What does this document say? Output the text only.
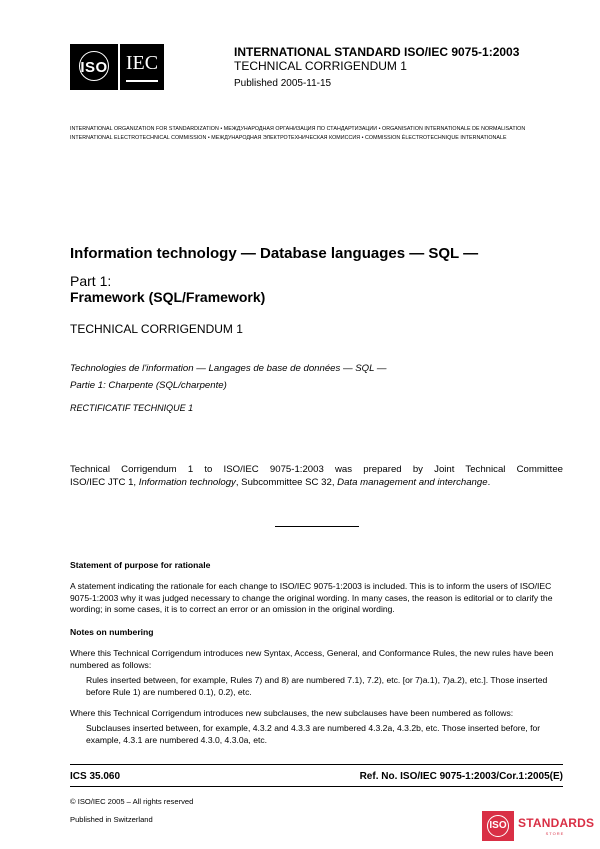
ISO IEC	INTERNATIONAL STANDARD ISO/IEC 9075-1:2003
TECHNICAL CORRIGENDUM 1
Published 2005-11-15
INTERNATIONAL ORGANIZATION FOR STANDARDIZATION • МЕЖДУНАРОДНАЯ ОРГАНИЗАЦИЯ ПО СТАНДАРТИЗАЦИИ • ORGANISATION INTERNATIONALE DE NORMALISATION
INTERNATIONAL ELECTROTECHNICAL COMMISSION • МЕЖДУНАРОДНАЯ ЭЛЕКТРОТЕХНИЧЕСКАЯ КОМИССИЯ • COMMISSION ÉLECTROTECHNIQUE INTERNATIONALE
Information technology — Database languages — SQL —
Part 1:
Framework (SQL/Framework)
TECHNICAL CORRIGENDUM 1
Technologies de l'information — Langages de base de données — SQL —
Partie 1: Charpente (SQL/charpente)
RECTIFICATIF TECHNIQUE 1
Technical Corrigendum 1 to ISO/IEC 9075-1:2003 was prepared by Joint Technical Committee
ISO/IEC JTC 1, Information technology, Subcommittee SC 32, Data management and interchange.
Statement of purpose for rationale
A statement indicating the rationale for each change to ISO/IEC 9075-1:2003 is included. This is to inform the users of ISO/IEC 9075-1:2003 why it was judged necessary to change the original wording. In many cases, the reason is editorial or to clarify the wording; in some cases, it is to correct an error or an omission in the original wording.
Notes on numbering
Where this Technical Corrigendum introduces new Syntax, Access, General, and Conformance Rules, the new rules have been numbered as follows:
Rules inserted between, for example, Rules 7) and 8) are numbered 7.1), 7.2), etc. [or 7)a.1), 7)a.2), etc.]. Those inserted before Rule 1) are numbered 0.1), 0.2), etc.
Where this Technical Corrigendum introduces new subclauses, the new subclauses have been numbered as follows:
Subclauses inserted between, for example, 4.3.2 and 4.3.3 are numbered 4.3.2a, 4.3.2b, etc. Those inserted before, for example, 4.3.1 are numbered 4.3.0, 4.3.0a, etc.
ICS 35.060	Ref. No. ISO/IEC 9075-1:2003/Cor.1:2005(E)
© ISO/IEC 2005 – All rights reserved
Published in Switzerland
ISO STANDARDS
STORE
